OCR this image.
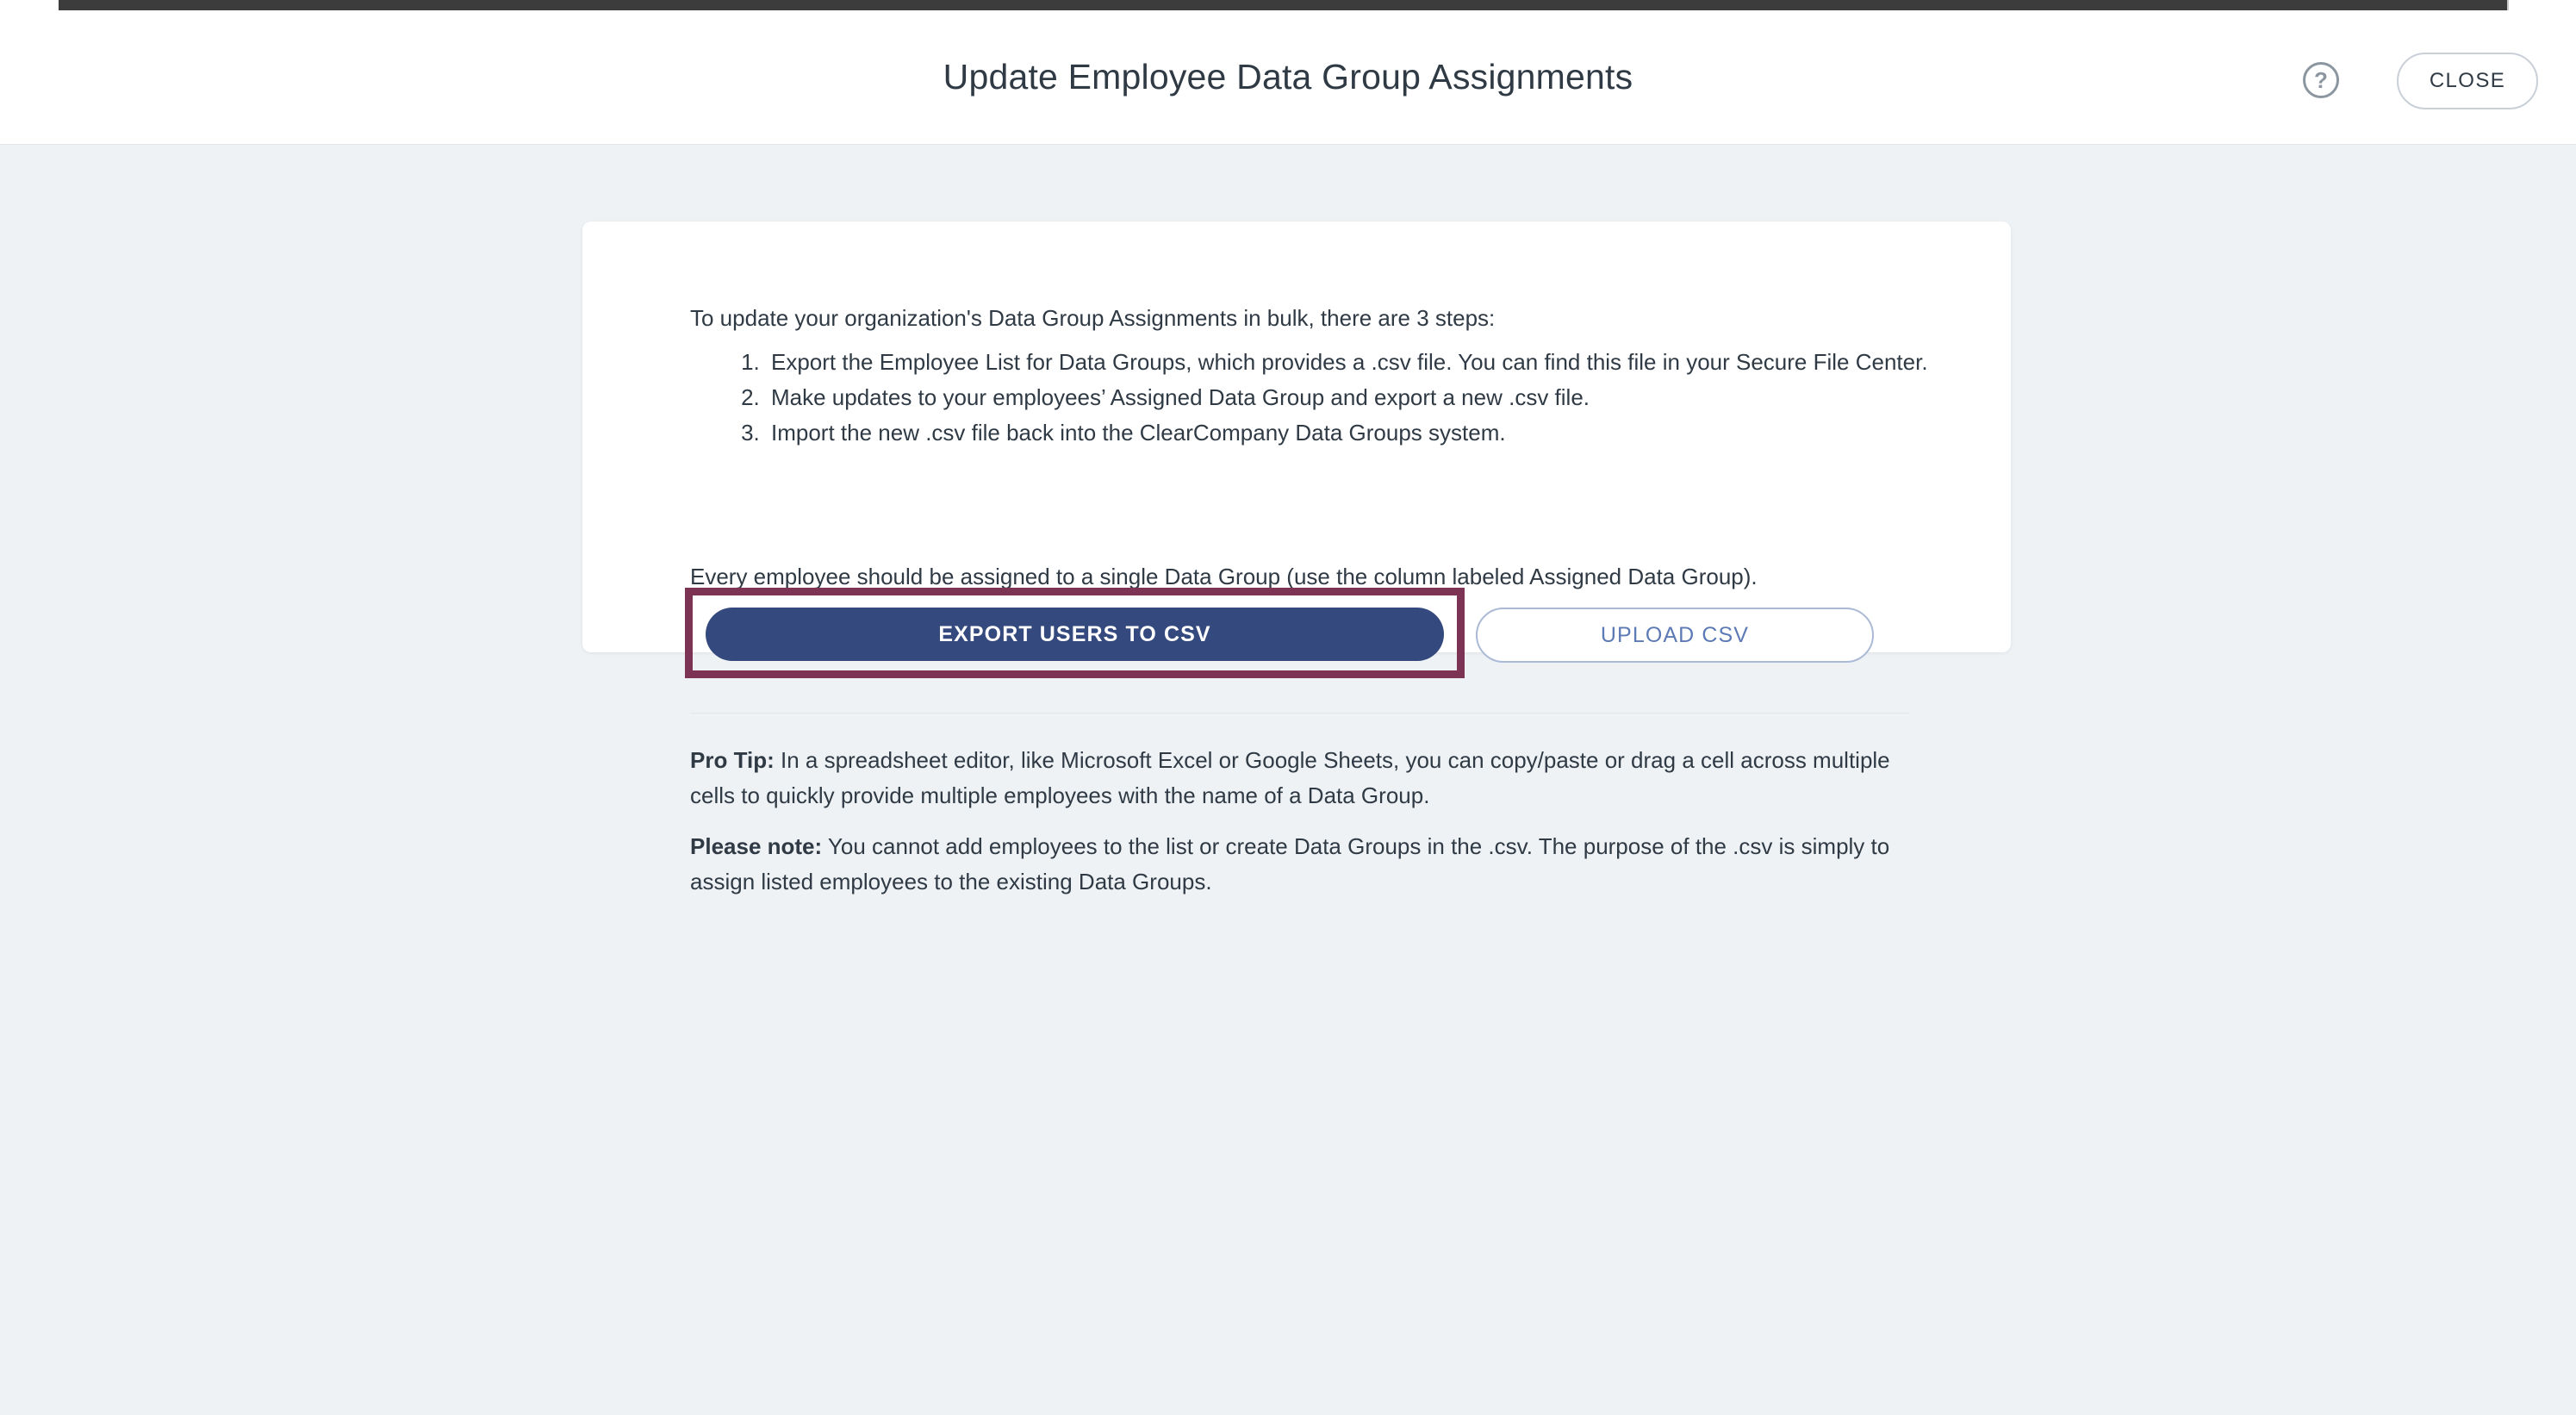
Update Employee Data Group Assignments	?	CLOSE
To update your organization's Data Group Assignments in bulk, there are 3 steps:
1. Export the Employee List for Data Groups, which provides a .csv file. You can find this file in your Secure File Center.
2. Make updates to your employees’ Assigned Data Group and export a new .csv file.
3. Import the new .csv file back into the ClearCompany Data Groups system.
Every employee should be assigned to a single Data Group (use the column labeled Assigned Data Group).
EXPORT USERS TO CSV	UPLOAD CSV
Pro Tip: In a spreadsheet editor, like Microsoft Excel or Google Sheets, you can copy/paste or drag a cell across multiple cells to quickly provide multiple employees with the name of a Data Group.
Please note: You cannot add employees to the list or create Data Groups in the .csv. The purpose of the .csv is simply to assign listed employees to the existing Data Groups.
